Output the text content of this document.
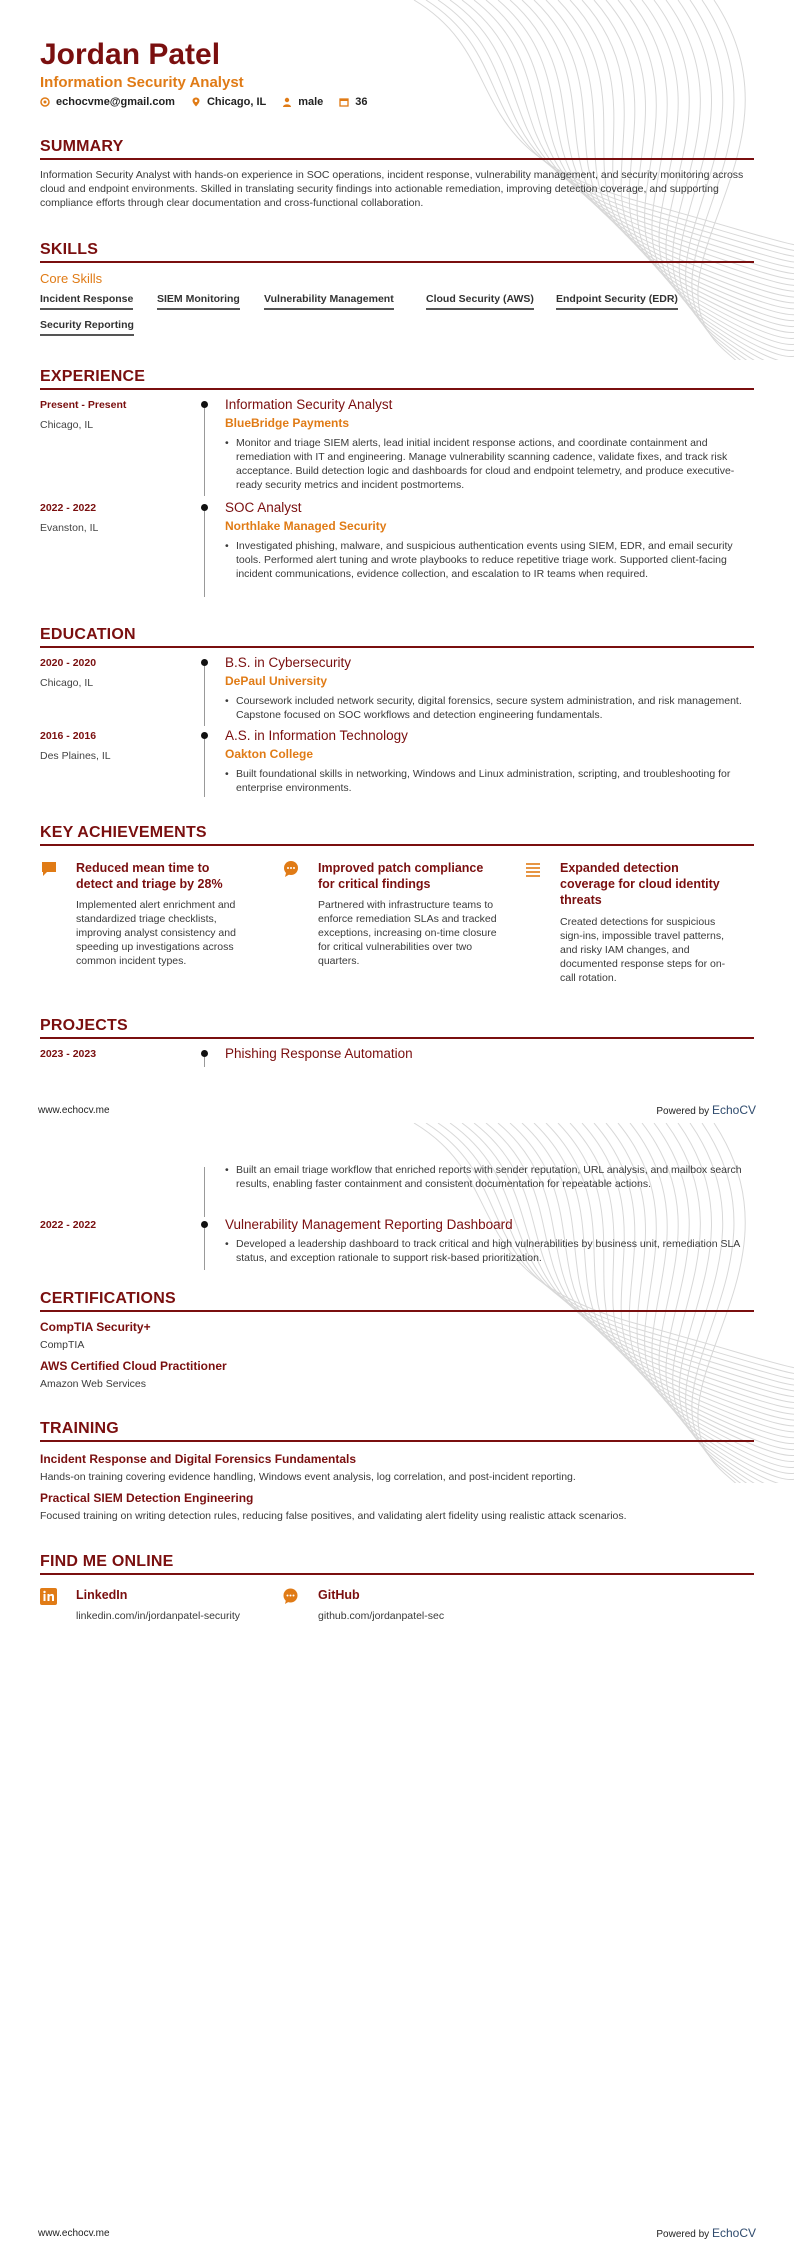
Jordan Patel
Information Security Analyst
echocvme@gmail.com	Chicago, IL	male	36
SUMMARY
Information Security Analyst with hands-on experience in SOC operations, incident response, vulnerability management, and security monitoring across cloud and endpoint environments. Skilled in translating security findings into actionable remediation, improving detection coverage, and supporting compliance efforts through clear documentation and cross-functional collaboration.
SKILLS
Core Skills
Incident Response SIEM Monitoring Vulnerability Management	Cloud Security (AWS) Endpoint Security (EDR)
Security Reporting
EXPERIENCE
Present - Present
Chicago, IL
Information Security Analyst
BlueBridge Payments
• Monitor and triage SIEM alerts, lead initial incident response actions, and coordinate containment and remediation with IT and engineering. Manage vulnerability scanning cadence, validate fixes, and track risk acceptance. Build detection logic and dashboards for cloud and endpoint telemetry, and produce executive-ready security metrics and incident postmortems.
2022 - 2022
Evanston, IL
SOC Analyst
Northlake Managed Security
• Investigated phishing, malware, and suspicious authentication events using SIEM, EDR, and email security tools. Performed alert tuning and wrote playbooks to reduce repetitive triage work. Supported client-facing incident communications, evidence collection, and escalation to IR teams when required.
EDUCATION
2020 - 2020
Chicago, IL
B.S. in Cybersecurity
DePaul University
• Coursework included network security, digital forensics, secure system administration, and risk management. Capstone focused on SOC workflows and detection engineering fundamentals.
2016 - 2016
Des Plaines, IL
A.S. in Information Technology
Oakton College
• Built foundational skills in networking, Windows and Linux administration, scripting, and troubleshooting for enterprise environments.
KEY ACHIEVEMENTS
Reduced mean time to detect and triage by 28%
Implemented alert enrichment and standardized triage checklists, improving analyst consistency and speeding up investigations across common incident types.
Improved patch compliance for critical findings
Partnered with infrastructure teams to enforce remediation SLAs and tracked exceptions, increasing on-time closure for critical vulnerabilities over two quarters.
Expanded detection coverage for cloud identity threats
Created detections for suspicious sign-ins, impossible travel patterns, and risky IAM changes, and documented response steps for on-call rotation.
PROJECTS
2023 - 2023	Phishing Response Automation
www.echocv.me	Powered by EchoCV
• Built an email triage workflow that enriched reports with sender reputation, URL analysis, and mailbox search results, enabling faster containment and consistent documentation for repeatable actions.
2022 - 2022	Vulnerability Management Reporting Dashboard
• Developed a leadership dashboard to track critical and high vulnerabilities by business unit, remediation SLA status, and exception rationale to support risk-based prioritization.
CERTIFICATIONS
CompTIA Security+
CompTIA
AWS Certified Cloud Practitioner
Amazon Web Services
TRAINING
Incident Response and Digital Forensics Fundamentals
Hands-on training covering evidence handling, Windows event analysis, log correlation, and post-incident reporting.
Practical SIEM Detection Engineering
Focused training on writing detection rules, reducing false positives, and validating alert fidelity using realistic attack scenarios.
FIND ME ONLINE
LinkedIn
linkedin.com/in/jordanpatel-security
GitHub
github.com/jordanpatel-sec
www.echocv.me	Powered by EchoCV
